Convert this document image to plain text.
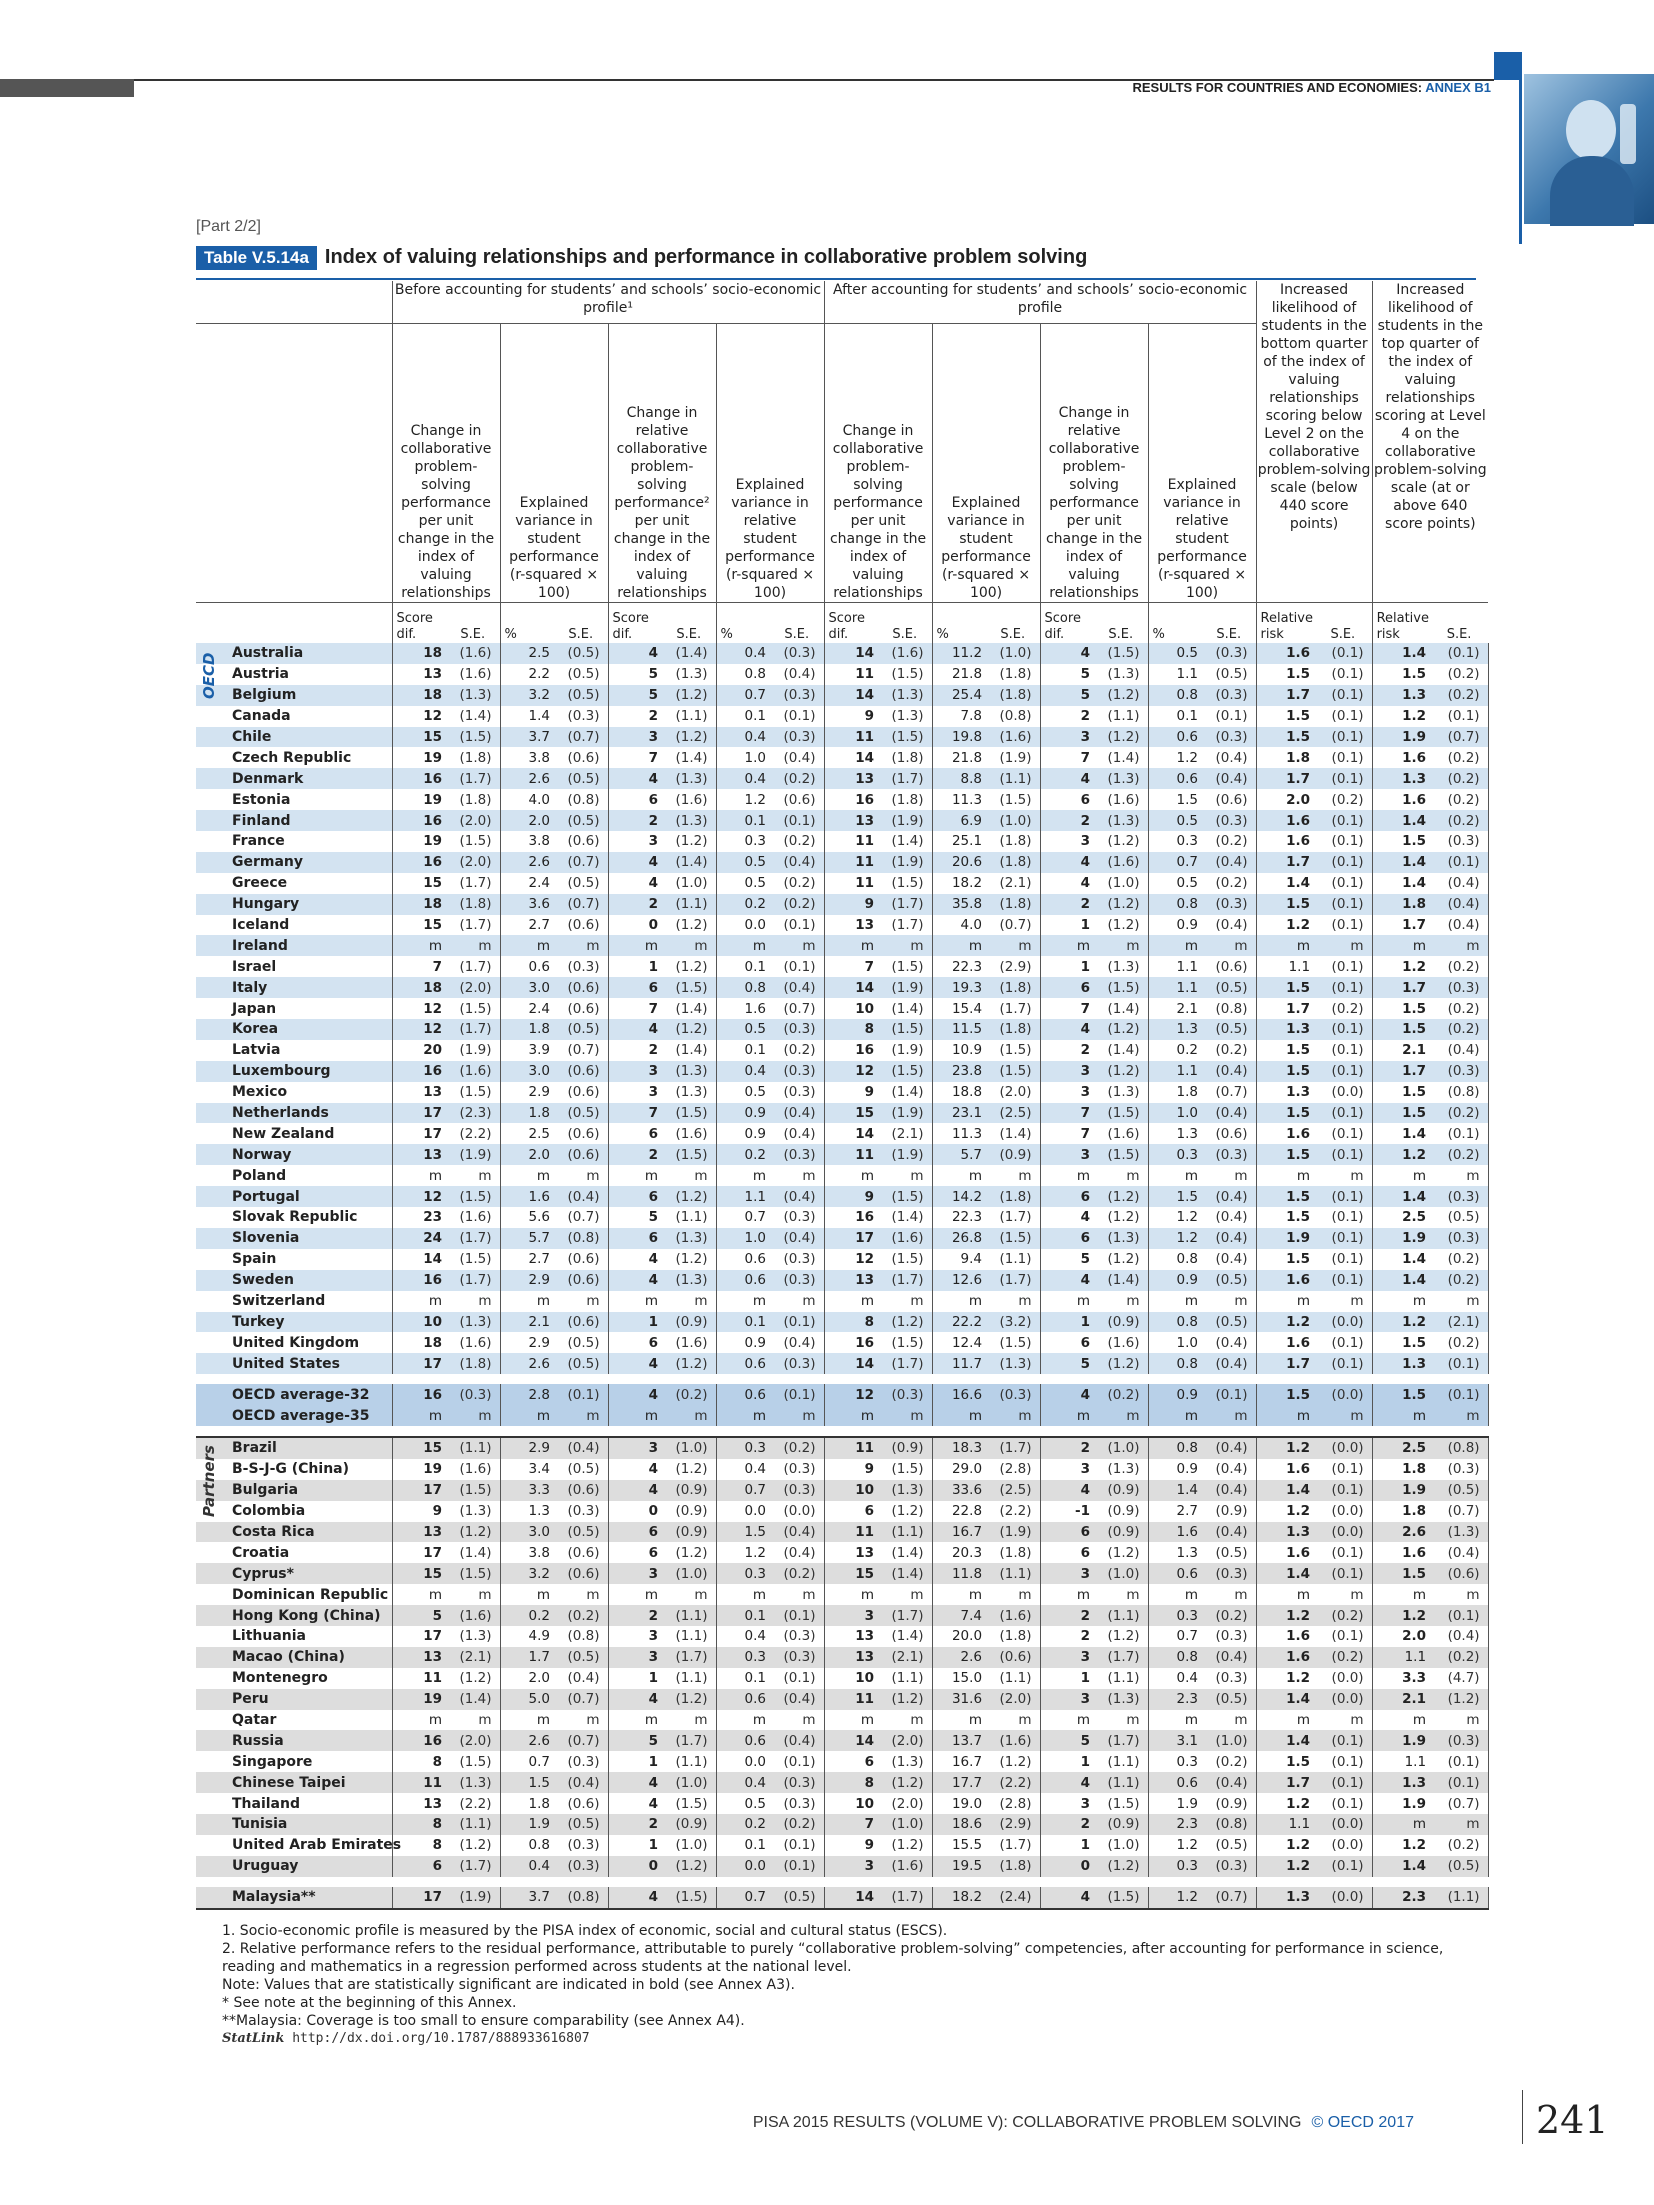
RESULTS FOR COUNTRIES AND ECONOMIES: ANNEX B1
[Part 2/2]
Table V.5.14a Index of valuing relationships and performance in collaborative problem solving
	Before accounting for students’ and schools’ socio-economic profile¹								After accounting for students’ and schools’ socio-economic profile								Increased likelihood of students in the bottom quarter of the index of valuing relationships scoring below Level 2 on the collaborative problem-solving scale (below 440 score points)		Increased likelihood of students in the top quarter of the index of valuing relationships scoring at Level 4 on the collaborative problem-solving scale (at or above 640 score points)	
	Change in collaborative problem-solving performance per unit change in the index of valuing relationships		Explained variance in student performance (r-squared × 100)		Change in relative collaborative problem-solving performance² per unit change in the index of valuing relationships		Explained variance in relative student performance (r-squared × 100)		Change in collaborative problem-solving performance per unit change in the index of valuing relationships		Explained variance in student performance (r-squared × 100)		Change in relative collaborative problem-solving performance per unit change in the index of valuing relationships		Explained variance in relative student performance (r-squared × 100)					
	Score dif.	S.E.	%	S.E.	Score dif.	S.E.	%	S.E.	Score dif.	S.E.	%	S.E.	Score dif.	S.E.	%	S.E.	Relative risk	S.E.	Relative risk	S.E.
Australia	18	(1.6)	2.5	(0.5)	4	(1.4)	0.4	(0.3)	14	(1.6)	11.2	(1.0)	4	(1.5)	0.5	(0.3)	1.6	(0.1)	1.4	(0.1)
Austria	13	(1.6)	2.2	(0.5)	5	(1.3)	0.8	(0.4)	11	(1.5)	21.8	(1.8)	5	(1.3)	1.1	(0.5)	1.5	(0.1)	1.5	(0.2)
Belgium	18	(1.3)	3.2	(0.5)	5	(1.2)	0.7	(0.3)	14	(1.3)	25.4	(1.8)	5	(1.2)	0.8	(0.3)	1.7	(0.1)	1.3	(0.2)
Canada	12	(1.4)	1.4	(0.3)	2	(1.1)	0.1	(0.1)	9	(1.3)	7.8	(0.8)	2	(1.1)	0.1	(0.1)	1.5	(0.1)	1.2	(0.1)
Chile	15	(1.5)	3.7	(0.7)	3	(1.2)	0.4	(0.3)	11	(1.5)	19.8	(1.6)	3	(1.2)	0.6	(0.3)	1.5	(0.1)	1.9	(0.7)
Czech Republic	19	(1.8)	3.8	(0.6)	7	(1.4)	1.0	(0.4)	14	(1.8)	21.8	(1.9)	7	(1.4)	1.2	(0.4)	1.8	(0.1)	1.6	(0.2)
Denmark	16	(1.7)	2.6	(0.5)	4	(1.3)	0.4	(0.2)	13	(1.7)	8.8	(1.1)	4	(1.3)	0.6	(0.4)	1.7	(0.1)	1.3	(0.2)
Estonia	19	(1.8)	4.0	(0.8)	6	(1.6)	1.2	(0.6)	16	(1.8)	11.3	(1.5)	6	(1.6)	1.5	(0.6)	2.0	(0.2)	1.6	(0.2)
Finland	16	(2.0)	2.0	(0.5)	2	(1.3)	0.1	(0.1)	13	(1.9)	6.9	(1.0)	2	(1.3)	0.5	(0.3)	1.6	(0.1)	1.4	(0.2)
France	19	(1.5)	3.8	(0.6)	3	(1.2)	0.3	(0.2)	11	(1.4)	25.1	(1.8)	3	(1.2)	0.3	(0.2)	1.6	(0.1)	1.5	(0.3)
Germany	16	(2.0)	2.6	(0.7)	4	(1.4)	0.5	(0.4)	11	(1.9)	20.6	(1.8)	4	(1.6)	0.7	(0.4)	1.7	(0.1)	1.4	(0.1)
Greece	15	(1.7)	2.4	(0.5)	4	(1.0)	0.5	(0.2)	11	(1.5)	18.2	(2.1)	4	(1.0)	0.5	(0.2)	1.4	(0.1)	1.4	(0.4)
Hungary	18	(1.8)	3.6	(0.7)	2	(1.1)	0.2	(0.2)	9	(1.7)	35.8	(1.8)	2	(1.2)	0.8	(0.3)	1.5	(0.1)	1.8	(0.4)
Iceland	15	(1.7)	2.7	(0.6)	0	(1.2)	0.0	(0.1)	13	(1.7)	4.0	(0.7)	1	(1.2)	0.9	(0.4)	1.2	(0.1)	1.7	(0.4)
Ireland	m	m	m	m	m	m	m	m	m	m	m	m	m	m	m	m	m	m	m	m
Israel	7	(1.7)	0.6	(0.3)	1	(1.2)	0.1	(0.1)	7	(1.5)	22.3	(2.9)	1	(1.3)	1.1	(0.6)	1.1	(0.1)	1.2	(0.2)
Italy	18	(2.0)	3.0	(0.6)	6	(1.5)	0.8	(0.4)	14	(1.9)	19.3	(1.8)	6	(1.5)	1.1	(0.5)	1.5	(0.1)	1.7	(0.3)
Japan	12	(1.5)	2.4	(0.6)	7	(1.4)	1.6	(0.7)	10	(1.4)	15.4	(1.7)	7	(1.4)	2.1	(0.8)	1.7	(0.2)	1.5	(0.2)
Korea	12	(1.7)	1.8	(0.5)	4	(1.2)	0.5	(0.3)	8	(1.5)	11.5	(1.8)	4	(1.2)	1.3	(0.5)	1.3	(0.1)	1.5	(0.2)
Latvia	20	(1.9)	3.9	(0.7)	2	(1.4)	0.1	(0.2)	16	(1.9)	10.9	(1.5)	2	(1.4)	0.2	(0.2)	1.5	(0.1)	2.1	(0.4)
Luxembourg	16	(1.6)	3.0	(0.6)	3	(1.3)	0.4	(0.3)	12	(1.5)	23.8	(1.5)	3	(1.2)	1.1	(0.4)	1.5	(0.1)	1.7	(0.3)
Mexico	13	(1.5)	2.9	(0.6)	3	(1.3)	0.5	(0.3)	9	(1.4)	18.8	(2.0)	3	(1.3)	1.8	(0.7)	1.3	(0.0)	1.5	(0.8)
Netherlands	17	(2.3)	1.8	(0.5)	7	(1.5)	0.9	(0.4)	15	(1.9)	23.1	(2.5)	7	(1.5)	1.0	(0.4)	1.5	(0.1)	1.5	(0.2)
New Zealand	17	(2.2)	2.5	(0.6)	6	(1.6)	0.9	(0.4)	14	(2.1)	11.3	(1.4)	7	(1.6)	1.3	(0.6)	1.6	(0.1)	1.4	(0.1)
Norway	13	(1.9)	2.0	(0.6)	2	(1.5)	0.2	(0.3)	11	(1.9)	5.7	(0.9)	3	(1.5)	0.3	(0.3)	1.5	(0.1)	1.2	(0.2)
Poland	m	m	m	m	m	m	m	m	m	m	m	m	m	m	m	m	m	m	m	m
Portugal	12	(1.5)	1.6	(0.4)	6	(1.2)	1.1	(0.4)	9	(1.5)	14.2	(1.8)	6	(1.2)	1.5	(0.4)	1.5	(0.1)	1.4	(0.3)
Slovak Republic	23	(1.6)	5.6	(0.7)	5	(1.1)	0.7	(0.3)	16	(1.4)	22.3	(1.7)	4	(1.2)	1.2	(0.4)	1.5	(0.1)	2.5	(0.5)
Slovenia	24	(1.7)	5.7	(0.8)	6	(1.3)	1.0	(0.4)	17	(1.6)	26.8	(1.5)	6	(1.3)	1.2	(0.4)	1.9	(0.1)	1.9	(0.3)
Spain	14	(1.5)	2.7	(0.6)	4	(1.2)	0.6	(0.3)	12	(1.5)	9.4	(1.1)	5	(1.2)	0.8	(0.4)	1.5	(0.1)	1.4	(0.2)
Sweden	16	(1.7)	2.9	(0.6)	4	(1.3)	0.6	(0.3)	13	(1.7)	12.6	(1.7)	4	(1.4)	0.9	(0.5)	1.6	(0.1)	1.4	(0.2)
Switzerland	m	m	m	m	m	m	m	m	m	m	m	m	m	m	m	m	m	m	m	m
Turkey	10	(1.3)	2.1	(0.6)	1	(0.9)	0.1	(0.1)	8	(1.2)	22.2	(3.2)	1	(0.9)	0.8	(0.5)	1.2	(0.0)	1.2	(2.1)
United Kingdom	18	(1.6)	2.9	(0.5)	6	(1.6)	0.9	(0.4)	16	(1.5)	12.4	(1.5)	6	(1.6)	1.0	(0.4)	1.6	(0.1)	1.5	(0.2)
United States	17	(1.8)	2.6	(0.5)	4	(1.2)	0.6	(0.3)	14	(1.7)	11.7	(1.3)	5	(1.2)	0.8	(0.4)	1.7	(0.1)	1.3	(0.1)

OECD average-32	16	(0.3)	2.8	(0.1)	4	(0.2)	0.6	(0.1)	12	(0.3)	16.6	(0.3)	4	(0.2)	0.9	(0.1)	1.5	(0.0)	1.5	(0.1)
OECD average-35	m	m	m	m	m	m	m	m	m	m	m	m	m	m	m	m	m	m	m	m

Brazil	15	(1.1)	2.9	(0.4)	3	(1.0)	0.3	(0.2)	11	(0.9)	18.3	(1.7)	2	(1.0)	0.8	(0.4)	1.2	(0.0)	2.5	(0.8)
B-S-J-G (China)	19	(1.6)	3.4	(0.5)	4	(1.2)	0.4	(0.3)	9	(1.5)	29.0	(2.8)	3	(1.3)	0.9	(0.4)	1.6	(0.1)	1.8	(0.3)
Bulgaria	17	(1.5)	3.3	(0.6)	4	(0.9)	0.7	(0.3)	10	(1.3)	33.6	(2.5)	4	(0.9)	1.4	(0.4)	1.4	(0.1)	1.9	(0.5)
Colombia	9	(1.3)	1.3	(0.3)	0	(0.9)	0.0	(0.0)	6	(1.2)	22.8	(2.2)	-1	(0.9)	2.7	(0.9)	1.2	(0.0)	1.8	(0.7)
Costa Rica	13	(1.2)	3.0	(0.5)	6	(0.9)	1.5	(0.4)	11	(1.1)	16.7	(1.9)	6	(0.9)	1.6	(0.4)	1.3	(0.0)	2.6	(1.3)
Croatia	17	(1.4)	3.8	(0.6)	6	(1.2)	1.2	(0.4)	13	(1.4)	20.3	(1.8)	6	(1.2)	1.3	(0.5)	1.6	(0.1)	1.6	(0.4)
Cyprus*	15	(1.5)	3.2	(0.6)	3	(1.0)	0.3	(0.2)	15	(1.4)	11.8	(1.1)	3	(1.0)	0.6	(0.3)	1.4	(0.1)	1.5	(0.6)
Dominican Republic	m	m	m	m	m	m	m	m	m	m	m	m	m	m	m	m	m	m	m	m
Hong Kong (China)	5	(1.6)	0.2	(0.2)	2	(1.1)	0.1	(0.1)	3	(1.7)	7.4	(1.6)	2	(1.1)	0.3	(0.2)	1.2	(0.2)	1.2	(0.1)
Lithuania	17	(1.3)	4.9	(0.8)	3	(1.1)	0.4	(0.3)	13	(1.4)	20.0	(1.8)	2	(1.2)	0.7	(0.3)	1.6	(0.1)	2.0	(0.4)
Macao (China)	13	(2.1)	1.7	(0.5)	3	(1.7)	0.3	(0.3)	13	(2.1)	2.6	(0.6)	3	(1.7)	0.8	(0.4)	1.6	(0.2)	1.1	(0.2)
Montenegro	11	(1.2)	2.0	(0.4)	1	(1.1)	0.1	(0.1)	10	(1.1)	15.0	(1.1)	1	(1.1)	0.4	(0.3)	1.2	(0.0)	3.3	(4.7)
Peru	19	(1.4)	5.0	(0.7)	4	(1.2)	0.6	(0.4)	11	(1.2)	31.6	(2.0)	3	(1.3)	2.3	(0.5)	1.4	(0.0)	2.1	(1.2)
Qatar	m	m	m	m	m	m	m	m	m	m	m	m	m	m	m	m	m	m	m	m
Russia	16	(2.0)	2.6	(0.7)	5	(1.7)	0.6	(0.4)	14	(2.0)	13.7	(1.6)	5	(1.7)	3.1	(1.0)	1.4	(0.1)	1.9	(0.3)
Singapore	8	(1.5)	0.7	(0.3)	1	(1.1)	0.0	(0.1)	6	(1.3)	16.7	(1.2)	1	(1.1)	0.3	(0.2)	1.5	(0.1)	1.1	(0.1)
Chinese Taipei	11	(1.3)	1.5	(0.4)	4	(1.0)	0.4	(0.3)	8	(1.2)	17.7	(2.2)	4	(1.1)	0.6	(0.4)	1.7	(0.1)	1.3	(0.1)
Thailand	13	(2.2)	1.8	(0.6)	4	(1.5)	0.5	(0.3)	10	(2.0)	19.0	(2.8)	3	(1.5)	1.9	(0.9)	1.2	(0.1)	1.9	(0.7)
Tunisia	8	(1.1)	1.9	(0.5)	2	(0.9)	0.2	(0.2)	7	(1.0)	18.6	(2.9)	2	(0.9)	2.3	(0.8)	1.1	(0.0)	m	m
United Arab Emirates	8	(1.2)	0.8	(0.3)	1	(1.0)	0.1	(0.1)	9	(1.2)	15.5	(1.7)	1	(1.0)	1.2	(0.5)	1.2	(0.0)	1.2	(0.2)
Uruguay	6	(1.7)	0.4	(0.3)	0	(1.2)	0.0	(0.1)	3	(1.6)	19.5	(1.8)	0	(1.2)	0.3	(0.3)	1.2	(0.1)	1.4	(0.5)

Malaysia**	17	(1.9)	3.7	(0.8)	4	(1.5)	0.7	(0.5)	14	(1.7)	18.2	(2.4)	4	(1.5)	1.2	(0.7)	1.3	(0.0)	2.3	(1.1)
OECD
Partners

1. Socio-economic profile is measured by the PISA index of economic, social and cultural status (ESCS).

2. Relative performance refers to the residual performance, attributable to purely “collaborative problem-solving” competencies, after accounting for performance in science, reading and mathematics in a regression performed across students at the national level.

Note: Values that are statistically significant are indicated in bold (see Annex A3).

* See note at the beginning of this Annex.

**Malaysia: Coverage is too small to ensure comparability (see Annex A4).

StatLink http://dx.doi.org/10.1787/888933616807

PISA 2015 RESULTS (VOLUME V): COLLABORATIVE PROBLEM SOLVING © OECD 2017	241
